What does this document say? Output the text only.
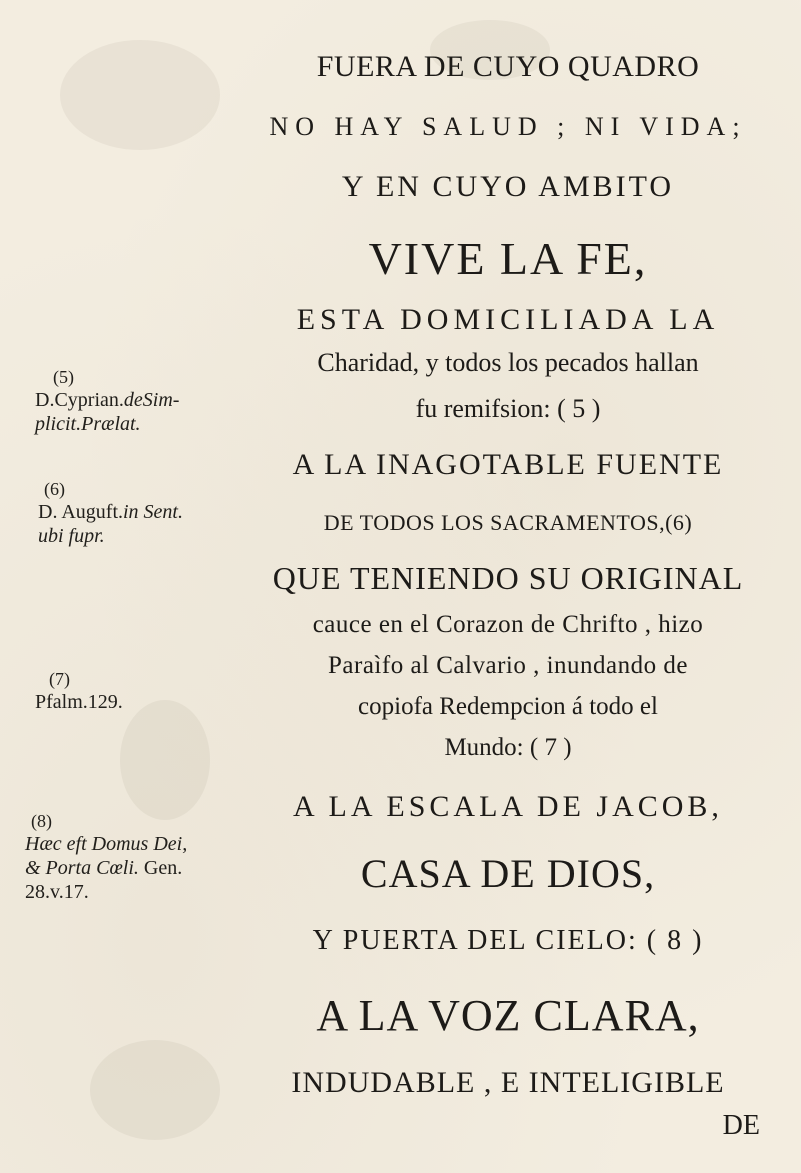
FUERA DE CUYO QUADRO
NO HAY SALUD ; NI VIDA;
Y EN CUYO AMBITO
VIVE LA FE,
ESTA DOMICILIADA LA
Charidad, y todos los pecados hallan
fu remifsion: ( 5 )
A LA INAGOTABLE FUENTE
DE TODOS LOS SACRAMENTOS,(6)
QUE TENIENDO SU ORIGINAL
cauce en el Corazon de Chrifto , hizo
Paraìfo al Calvario , inundando de
copiofa Redempcion á todo el
Mundo: ( 7 )
A LA ESCALA DE JACOB,
CASA DE DIOS,
Y PUERTA DEL CIELO: ( 8 )
A LA VOZ CLARA,
INDUDABLE , E INTELIGIBLE
DE
(5)
D.Cyprian.deSim-
plicit.Prælat.
(6)
D. Auguft.in Sent.
ubi fupr.
(7)
Pfalm.129.
(8)
Hæc eft Domus Dei,
& Porta Cœli. Gen.
28.v.17.
